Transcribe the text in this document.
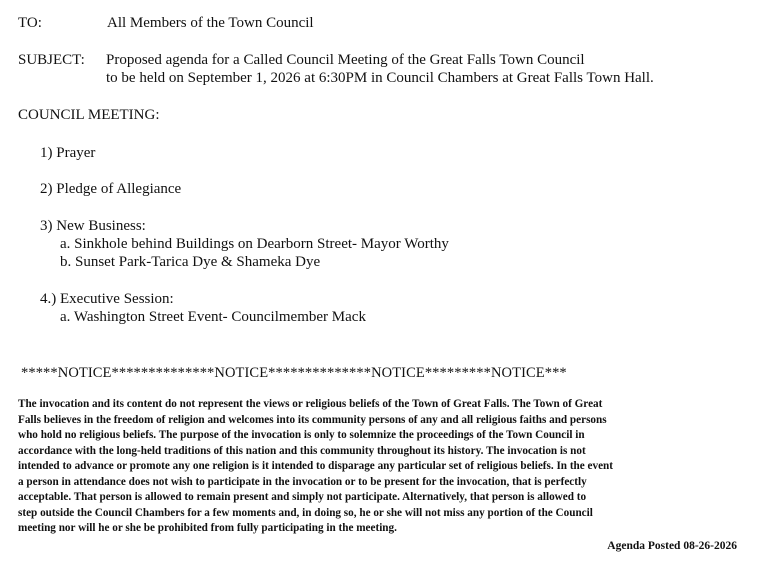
TO:	All Members of the Town Council
SUBJECT: Proposed agenda for a Called Council Meeting of the Great Falls Town Council
to be held on September 1, 2026 at 6:30PM in Council Chambers at Great Falls Town Hall.
COUNCIL MEETING:
1) Prayer
2) Pledge of Allegiance
3) New Business:
a. Sinkhole behind Buildings on Dearborn Street- Mayor Worthy
b. Sunset Park-Tarica Dye & Shameka Dye
4.) Executive Session:
a. Washington Street Event- Councilmember Mack
*****NOTICE**************NOTICE**************NOTICE*********NOTICE***
The invocation and its content do not represent the views or religious beliefs of the Town of Great Falls. The Town of Great
Falls believes in the freedom of religion and welcomes into its community persons of any and all religious faiths and persons
who hold no religious beliefs. The purpose of the invocation is only to solemnize the proceedings of the Town Council in
accordance with the long-held traditions of this nation and this community throughout its history. The invocation is not
intended to advance or promote any one religion is it intended to disparage any particular set of religious beliefs. In the event
a person in attendance does not wish to participate in the invocation or to be present for the invocation, that is perfectly
acceptable. That person is allowed to remain present and simply not participate. Alternatively, that person is allowed to
step outside the Council Chambers for a few moments and, in doing so, he or she will not miss any portion of the Council
meeting nor will he or she be prohibited from fully participating in the meeting.
Agenda Posted 08-26-2026
